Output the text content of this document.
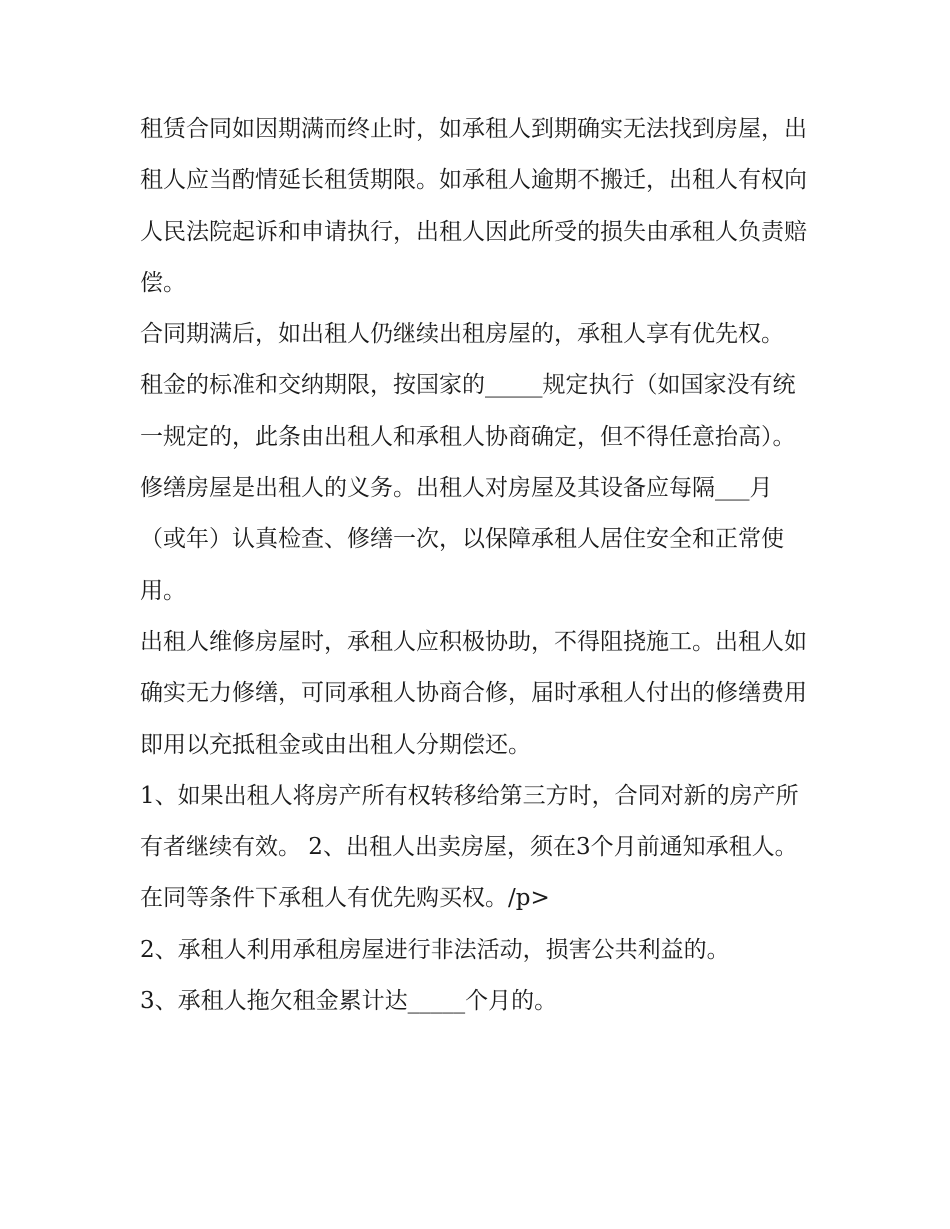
租赁合同如因期满而终止时，如承租人到期确实无法找到房屋，出租人应当酌情延长租赁期限。如承租人逾期不搬迁，出租人有权向人民法院起诉和申请执行，出租人因此所受的损失由承租人负责赔偿。

合同期满后，如出租人仍继续出租房屋的，承租人享有优先权。

租金的标准和交纳期限，按国家的_____规定执行（如国家没有统一规定的，此条由出租人和承租人协商确定，但不得任意抬高）。

修缮房屋是出租人的义务。出租人对房屋及其设备应每隔___月（或年）认真检查、修缮一次，以保障承租人居住安全和正常使用。

出租人维修房屋时，承租人应积极协助，不得阻挠施工。出租人如确实无力修缮，可同承租人协商合修，届时承租人付出的修缮费用即用以充抵租金或由出租人分期偿还。

1、如果出租人将房产所有权转移给第三方时，合同对新的房产所有者继续有效。 2、出租人出卖房屋，须在3个月前通知承租人。在同等条件下承租人有优先购买权。/p>

2、承租人利用承租房屋进行非法活动，损害公共利益的。

3、承租人拖欠租金累计达_____个月的。
